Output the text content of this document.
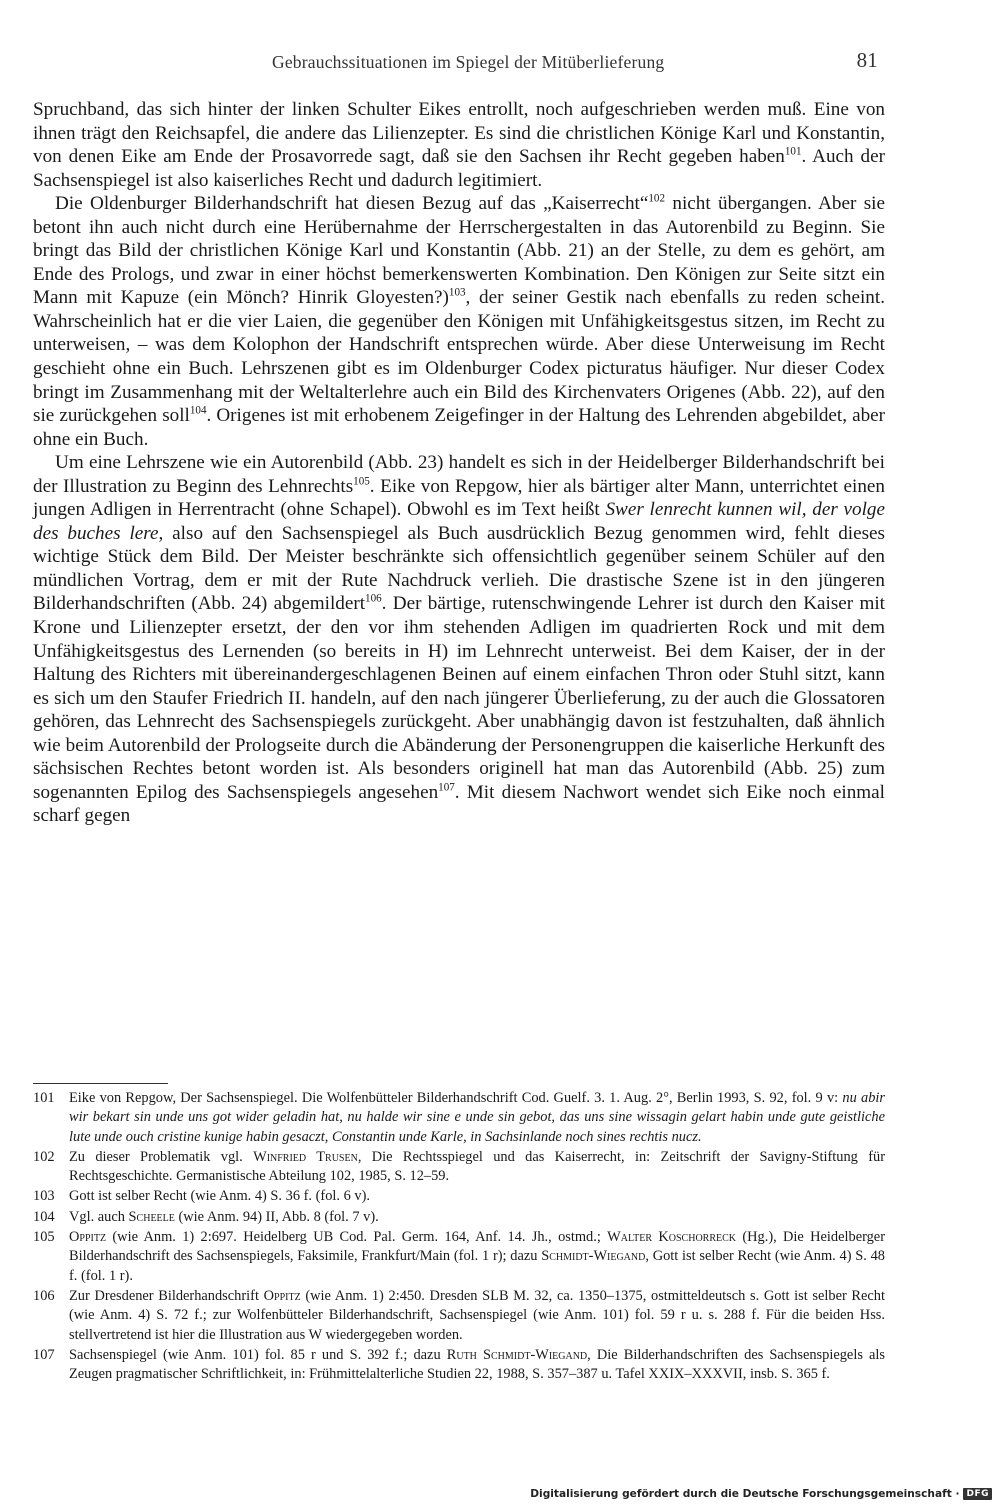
Gebrauchssituationen im Spiegel der Mitüberlieferung	81

Spruchband, das sich hinter der linken Schulter Eikes entrollt, noch aufgeschrieben werden muß. Eine von ihnen trägt den Reichsapfel, die andere das Lilienzepter. Es sind die christlichen Könige Karl und Konstantin, von denen Eike am Ende der Prosavorrede sagt, daß sie den Sachsen ihr Recht gegeben haben$^{101}$. Auch der Sachsenspiegel ist also kaiserliches Recht und dadurch legitimiert.

Die Oldenburger Bilderhandschrift hat diesen Bezug auf das „Kaiserrecht“$^{102}$ nicht übergangen. Aber sie betont ihn auch nicht durch eine Herübernahme der Herrschergestalten in das Autorenbild zu Beginn. Sie bringt das Bild der christlichen Könige Karl und Konstantin (Abb. 21) an der Stelle, zu dem es gehört, am Ende des Prologs, und zwar in einer höchst bemerkenswerten Kombination. Den Königen zur Seite sitzt ein Mann mit Kapuze (ein Mönch? Hinrik Gloyesten?)$^{103}$, der seiner Gestik nach ebenfalls zu reden scheint. Wahrscheinlich hat er die vier Laien, die gegenüber den Königen mit Unfähigkeitsgestus sitzen, im Recht zu unterweisen, – was dem Kolophon der Handschrift entsprechen würde. Aber diese Unterweisung im Recht geschieht ohne ein Buch. Lehrszenen gibt es im Oldenburger Codex picturatus häufiger. Nur dieser Codex bringt im Zusammenhang mit der Weltalterlehre auch ein Bild des Kirchenvaters Origenes (Abb. 22), auf den sie zurückgehen soll$^{104}$. Origenes ist mit erhobenem Zeigefinger in der Haltung des Lehrenden abgebildet, aber ohne ein Buch.

Um eine Lehrszene wie ein Autorenbild (Abb. 23) handelt es sich in der Heidelberger Bilderhandschrift bei der Illustration zu Beginn des Lehnrechts$^{105}$. Eike von Repgow, hier als bärtiger alter Mann, unterrichtet einen jungen Adligen in Herrentracht (ohne Schapel). Obwohl es im Text heißt Swer lenrecht kunnen wil, der volge des buches lere, also auf den Sachsenspiegel als Buch ausdrücklich Bezug genommen wird, fehlt dieses wichtige Stück dem Bild. Der Meister beschränkte sich offensichtlich gegenüber seinem Schüler auf den mündlichen Vortrag, dem er mit der Rute Nachdruck verlieh. Die drastische Szene ist in den jüngeren Bilderhandschriften (Abb. 24) abgemildert$^{106}$. Der bärtige, rutenschwingende Lehrer ist durch den Kaiser mit Krone und Lilienzepter ersetzt, der den vor ihm stehenden Adligen im quadrierten Rock und mit dem Unfähigkeitsgestus des Lernenden (so bereits in H) im Lehnrecht unterweist. Bei dem Kaiser, der in der Haltung des Richters mit übereinandergeschlagenen Beinen auf einem einfachen Thron oder Stuhl sitzt, kann es sich um den Staufer Friedrich II. handeln, auf den nach jüngerer Überlieferung, zu der auch die Glossatoren gehören, das Lehnrecht des Sachsenspiegels zurückgeht. Aber unabhängig davon ist festzuhalten, daß ähnlich wie beim Autorenbild der Prologseite durch die Abänderung der Personengruppen die kaiserliche Herkunft des sächsischen Rechtes betont worden ist. Als besonders originell hat man das Autorenbild (Abb. 25) zum sogenannten Epilog des Sachsenspiegels angesehen$^{107}$. Mit diesem Nachwort wendet sich Eike noch einmal scharf gegen

101 Eike von Repgow, Der Sachsenspiegel. Die Wolfenbütteler Bilderhandschrift Cod. Guelf. 3. 1. Aug. 2°, Berlin 1993, S. 92, fol. 9 v: nu abir wir bekart sin unde uns got wider geladin hat, nu halde wir sine e unde sin gebot, das uns sine wissagin gelart habin unde gute geistliche lute unde ouch cristine kunige habin gesaczt, Constantin unde Karle, in Sachsinlande noch sines rechtis nucz.
102 Zu dieser Problematik vgl. Winfried Trusen, Die Rechtsspiegel und das Kaiserrecht, in: Zeitschrift der Savigny-Stiftung für Rechtsgeschichte. Germanistische Abteilung 102, 1985, S. 12–59.
103 Gott ist selber Recht (wie Anm. 4) S. 36 f. (fol. 6 v).
104 Vgl. auch Scheele (wie Anm. 94) II, Abb. 8 (fol. 7 v).
105 Oppitz (wie Anm. 1) 2:697. Heidelberg UB Cod. Pal. Germ. 164, Anf. 14. Jh., ostmd.; Walter Koschorreck (Hg.), Die Heidelberger Bilderhandschrift des Sachsenspiegels, Faksimile, Frankfurt/Main (fol. 1 r); dazu Schmidt-Wiegand, Gott ist selber Recht (wie Anm. 4) S. 48 f. (fol. 1 r).
106 Zur Dresdener Bilderhandschrift Oppitz (wie Anm. 1) 2:450. Dresden SLB M. 32, ca. 1350–1375, ostmitteldeutsch s. Gott ist selber Recht (wie Anm. 4) S. 72 f.; zur Wolfenbütteler Bilderhandschrift, Sachsenspiegel (wie Anm. 101) fol. 59 r u. s. 288 f. Für die beiden Hss. stellvertretend ist hier die Illustration aus W wiedergegeben worden.
107 Sachsenspiegel (wie Anm. 101) fol. 85 r und S. 392 f.; dazu Ruth Schmidt-Wiegand, Die Bilderhandschriften des Sachsenspiegels als Zeugen pragmatischer Schriftlichkeit, in: Frühmittelalterliche Studien 22, 1988, S. 357–387 u. Tafel XXIX–XXXVII, insb. S. 365 f.
Digitalisierung gefördert durch die Deutsche Forschungsgemeinschaft · DFG
